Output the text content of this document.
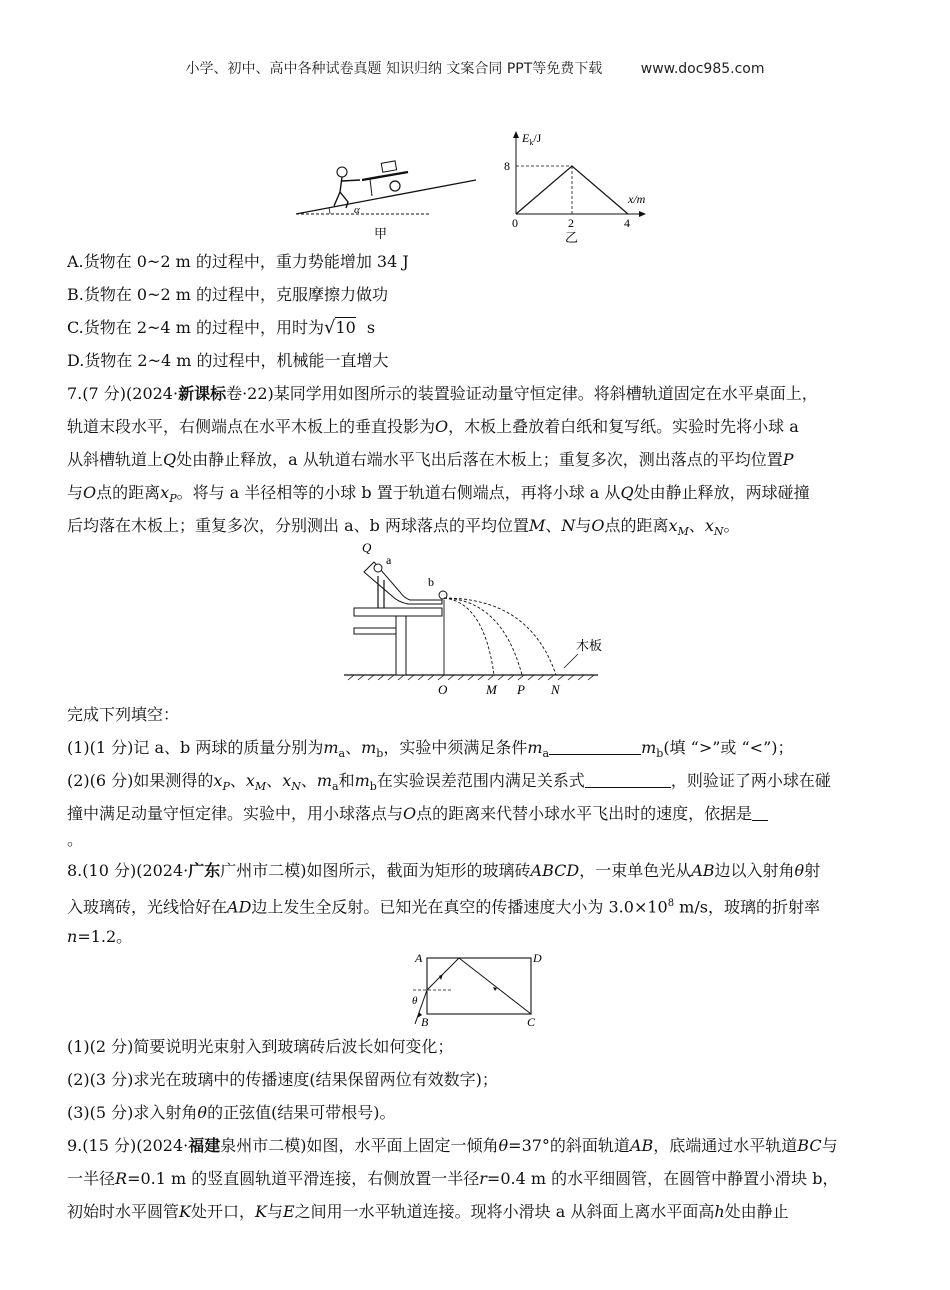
小学、初中、高中各种试卷真题 知识归纳 文案合同 PPT等免费下载	www.doc985.com
α
甲
$E_k/J$
x/m
8
0	2	4
乙
A.货物在 0~2 m 的过程中，重力势能增加 34 J
B.货物在 0~2 m 的过程中，克服摩擦力做功
C.货物在 2~4 m 的过程中，用时为√10 s
D.货物在 2~4 m 的过程中，机械能一直增大
7.(7 分)(2024·新课标卷·22)某同学用如图所示的装置验证动量守恒定律。将斜槽轨道固定在水平桌面上，
轨道末段水平，右侧端点在水平木板上的垂直投影为O，木板上叠放着白纸和复写纸。实验时先将小球 a
从斜槽轨道上Q处由静止释放，a 从轨道右端水平飞出后落在木板上；重复多次，测出落点的平均位置P
与O点的距离$x_P$。将与 a 半径相等的小球 b 置于轨道右侧端点，再将小球 a 从Q处由静止释放，两球碰撞
后均落在木板上；重复多次，分别测出 a、b 两球落点的平均位置M、N与O点的距离$x_M$、$x_N$。
Q
a
b
木板
O	M P N
完成下列填空：
(1)(1 分)记 a、b 两球的质量分别为$m_a$、$m_b$，实验中须满足条件$m_a$	$m_b$(填 “>”或 “<”)；
(2)(6 分)如果测得的$x_P$、$x_M$、$x_N$、$m_a$和$m_b$在实验误差范围内满足关系式	，则验证了两小球在碰
撞中满足动量守恒定律。实验中，用小球落点与O点的距离来代替小球水平飞出时的速度，依据是
。
8.(10 分)(2024·广东广州市二模)如图所示，截面为矩形的玻璃砖ABCD，一束单色光从AB边以入射角θ射
入玻璃砖，光线恰好在AD边上发生全反射。已知光在真空的传播速度大小为 $3.0\times 10^8$ m/s，玻璃的折射率
n=1.2。
A	D
B	C
θ
(1)(2 分)简要说明光束射入到玻璃砖后波长如何变化；
(2)(3 分)求光在玻璃中的传播速度(结果保留两位有效数字)；
(3)(5 分)求入射角θ的正弦值(结果可带根号)。
9.(15 分)(2024·福建泉州市二模)如图，水平面上固定一倾角θ=37°的斜面轨道AB，底端通过水平轨道BC与
一半径R=0.1 m 的竖直圆轨道平滑连接，右侧放置一半径r=0.4 m 的水平细圆管，在圆管中静置小滑块 b，
初始时水平圆管K处开口，K与E之间用一水平轨道连接。现将小滑块 a 从斜面上离水平面高h处由静止
